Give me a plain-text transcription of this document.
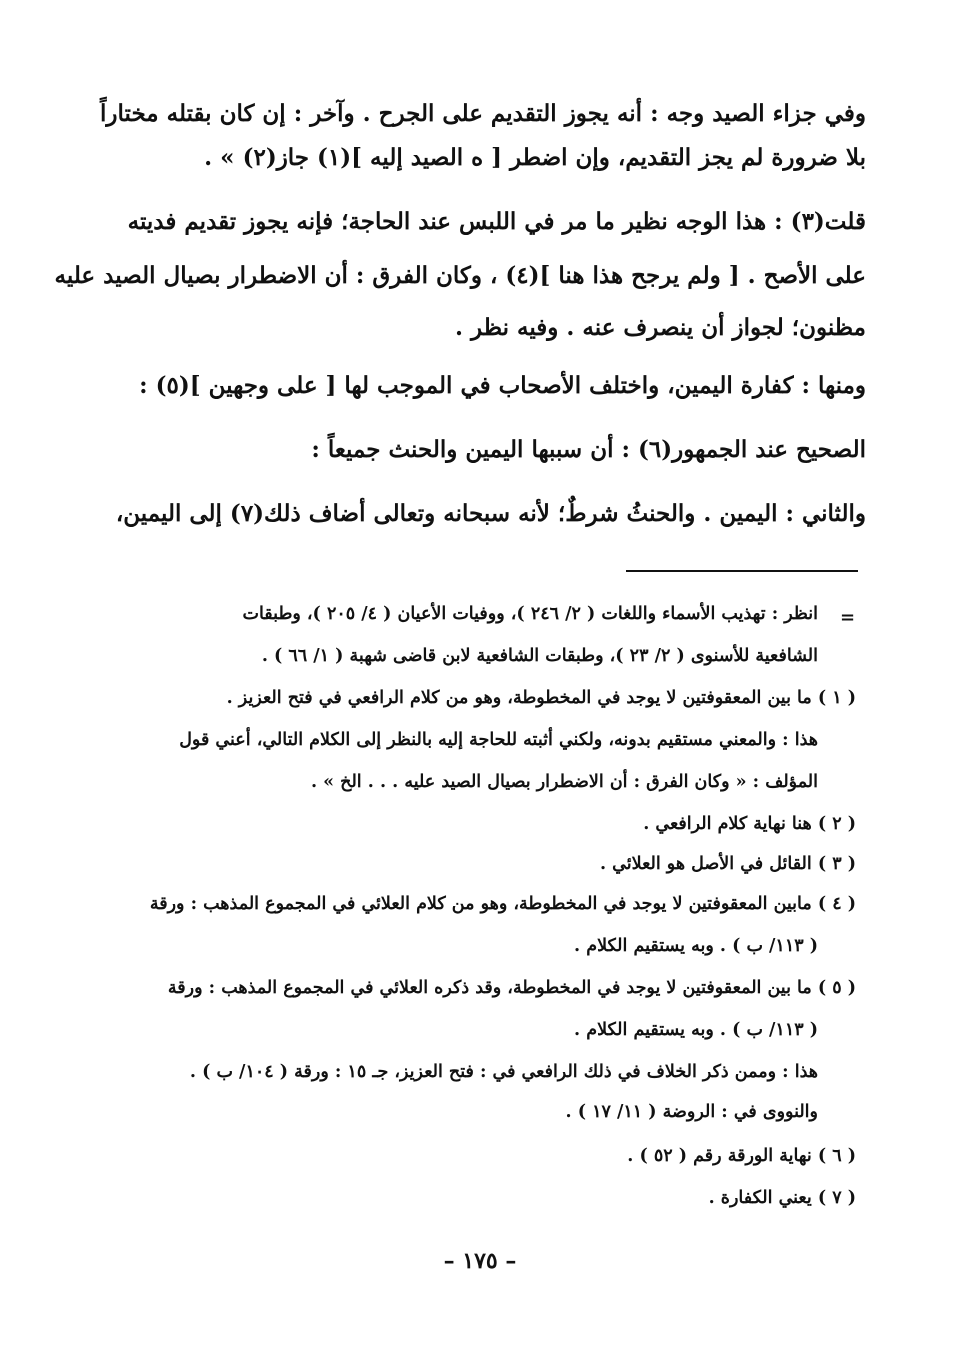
وفي جزاء الصيد وجه : أنه يجوز التقديم على الجرح . وآخر : إن كان بقتله مختاراً
بلا ضرورة لم يجز التقديم، وإن اضطر [ ه الصيد إليه ](١) جاز(٢) » .
قلت(٣) : هذا الوجه نظير ما مر في اللبس عند الحاجة؛ فإنه يجوز تقديم فديته
على الأصح . [ ولم يرجح هذا هنا ](٤) ، وكان الفرق : أن الاضطرار بصيال الصيد عليه
مظنون؛ لجواز أن ينصرف عنه . وفيه نظر .
ومنها : كفارة اليمين، واختلف الأصحاب في الموجب لها [ على وجهين ](٥) :
الصحيح عند الجمهور(٦) : أن سببها اليمين والحنث جميعاً :
والثاني : اليمين . والحنثُ شرطٌ؛ لأنه سبحانه وتعالى أضاف ذلك(٧) إلى اليمين،
=
انظر : تهذيب الأسماء واللغات ( ٢/ ٢٤٦ )، ووفيات الأعيان ( ٤/ ٢٠٥ )، وطبقات
الشافعية للأسنوى ( ٢/ ٢٣ )، وطبقات الشافعية لابن قاضى شهبة ( ١/ ٦٦ ) .
( ١ ) ما بين المعقوفتين لا يوجد في المخطوطة، وهو من كلام الرافعي في فتح العزيز .
هذا : والمعني مستقيم بدونه، ولكني أثبته للحاجة إليه بالنظر إلى الكلام التالي، أعني قول
المؤلف : « وكان الفرق : أن الاضطرار بصيال الصيد عليه . . . الخ » .
( ٢ ) هنا نهاية كلام الرافعي .
( ٣ ) القائل في الأصل هو العلائي .
( ٤ ) مابين المعقوفتين لا يوجد في المخطوطة، وهو من كلام العلائي في المجموع المذهب : ورقة
( ١١٣/ ب ) . وبه يستقيم الكلام .
( ٥ ) ما بين المعقوفتين لا يوجد في المخطوطة، وقد ذكره العلائي في المجموع المذهب : ورقة
( ١١٣/ ب ) . وبه يستقيم الكلام .
هذا : وممن ذكر الخلاف في ذلك الرافعي في : فتح العزيز، جـ ١٥ : ورقة ( ١٠٤/ ب ) .
والنووى في : الروضة ( ١١/ ١٧ ) .
( ٦ ) نهاية الورقة رقم ( ٥٢ ) .
( ٧ ) يعني الكفارة .
– ١٧٥ –
